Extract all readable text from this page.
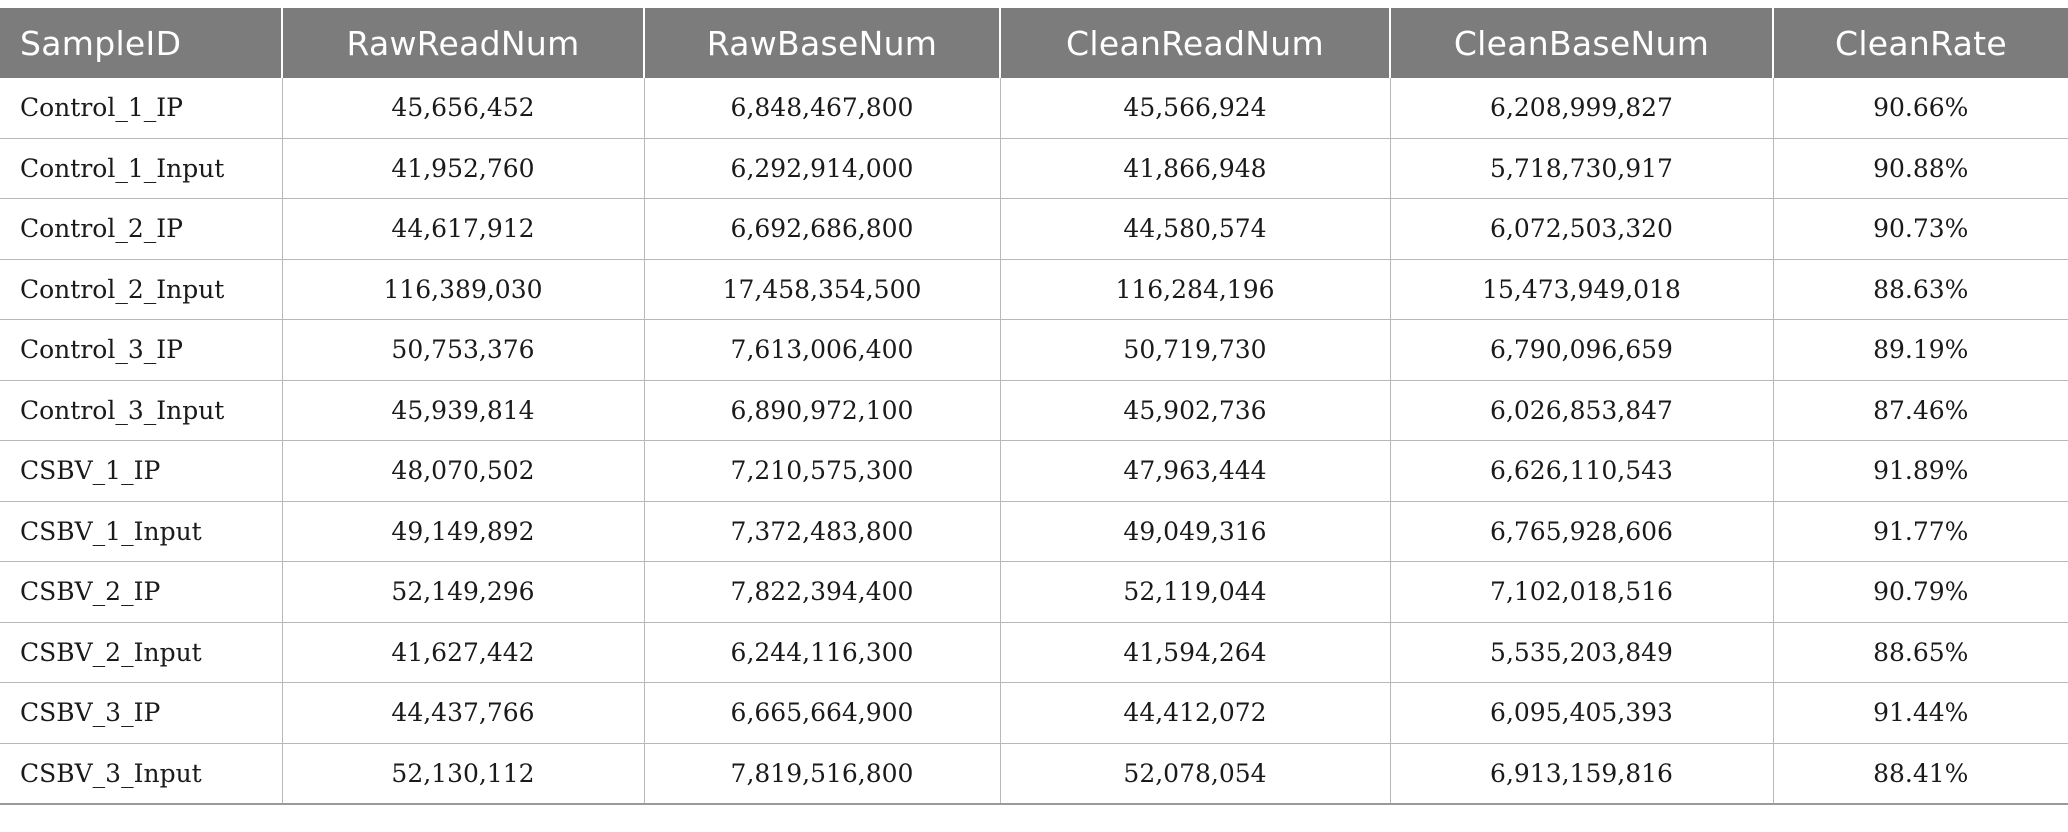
SampleID	RawReadNum	RawBaseNum	CleanReadNum	CleanBaseNum	CleanRate
Control_1_IP	45,656,452	6,848,467,800	45,566,924	6,208,999,827	90.66%
Control_1_Input	41,952,760	6,292,914,000	41,866,948	5,718,730,917	90.88%
Control_2_IP	44,617,912	6,692,686,800	44,580,574	6,072,503,320	90.73%
Control_2_Input	116,389,030	17,458,354,500	116,284,196	15,473,949,018	88.63%
Control_3_IP	50,753,376	7,613,006,400	50,719,730	6,790,096,659	89.19%
Control_3_Input	45,939,814	6,890,972,100	45,902,736	6,026,853,847	87.46%
CSBV_1_IP	48,070,502	7,210,575,300	47,963,444	6,626,110,543	91.89%
CSBV_1_Input	49,149,892	7,372,483,800	49,049,316	6,765,928,606	91.77%
CSBV_2_IP	52,149,296	7,822,394,400	52,119,044	7,102,018,516	90.79%
CSBV_2_Input	41,627,442	6,244,116,300	41,594,264	5,535,203,849	88.65%
CSBV_3_IP	44,437,766	6,665,664,900	44,412,072	6,095,405,393	91.44%
CSBV_3_Input	52,130,112	7,819,516,800	52,078,054	6,913,159,816	88.41%
